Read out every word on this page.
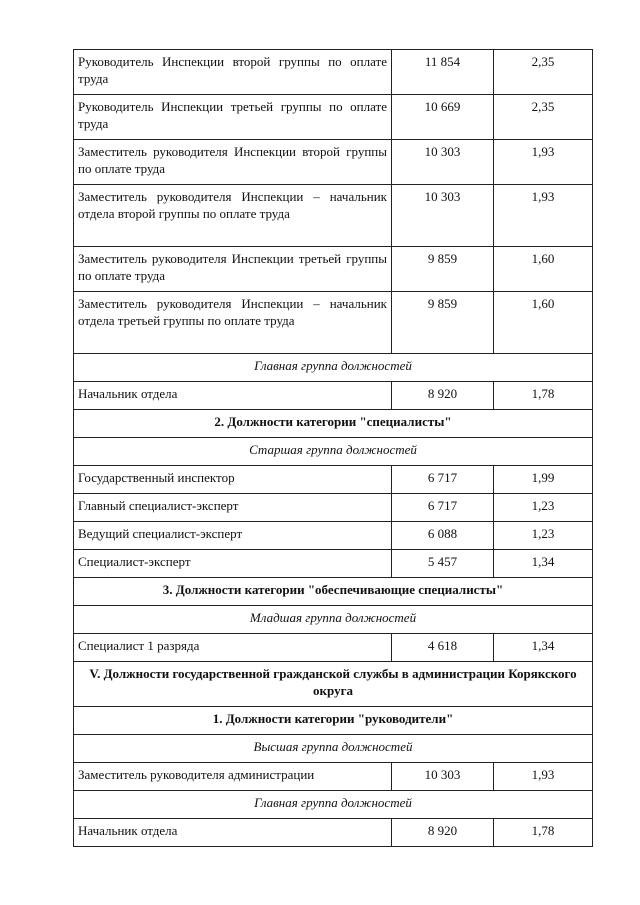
Руководитель Инспекции второй группы по оплате труда	11 854	2,35
Руководитель Инспекции третьей группы по оплате труда	10 669	2,35
Заместитель руководителя Инспекции второй группы по оплате труда	10 303	1,93
Заместитель руководителя Инспекции – начальник отдела второй группы по оплате труда	10 303	1,93
Заместитель руководителя Инспекции третьей группы по оплате труда	9 859	1,60
Заместитель руководителя Инспекции – начальник отдела третьей группы по оплате труда	9 859	1,60
Главная группа должностей		
Начальник отдела	8 920	1,78
2. Должности категории "специалисты"		
Старшая группа должностей		
Государственный инспектор	6 717	1,99
Главный специалист-эксперт	6 717	1,23
Ведущий специалист-эксперт	6 088	1,23
Специалист-эксперт	5 457	1,34
3. Должности категории "обеспечивающие специалисты"		
Младшая группа должностей		
Специалист 1 разряда	4 618	1,34
V. Должности государственной гражданской службы в администрации Корякского округа		
1. Должности категории "руководители"		
Высшая группа должностей		
Заместитель руководителя администрации	10 303	1,93
Главная группа должностей		
Начальник отдела	8 920	1,78
